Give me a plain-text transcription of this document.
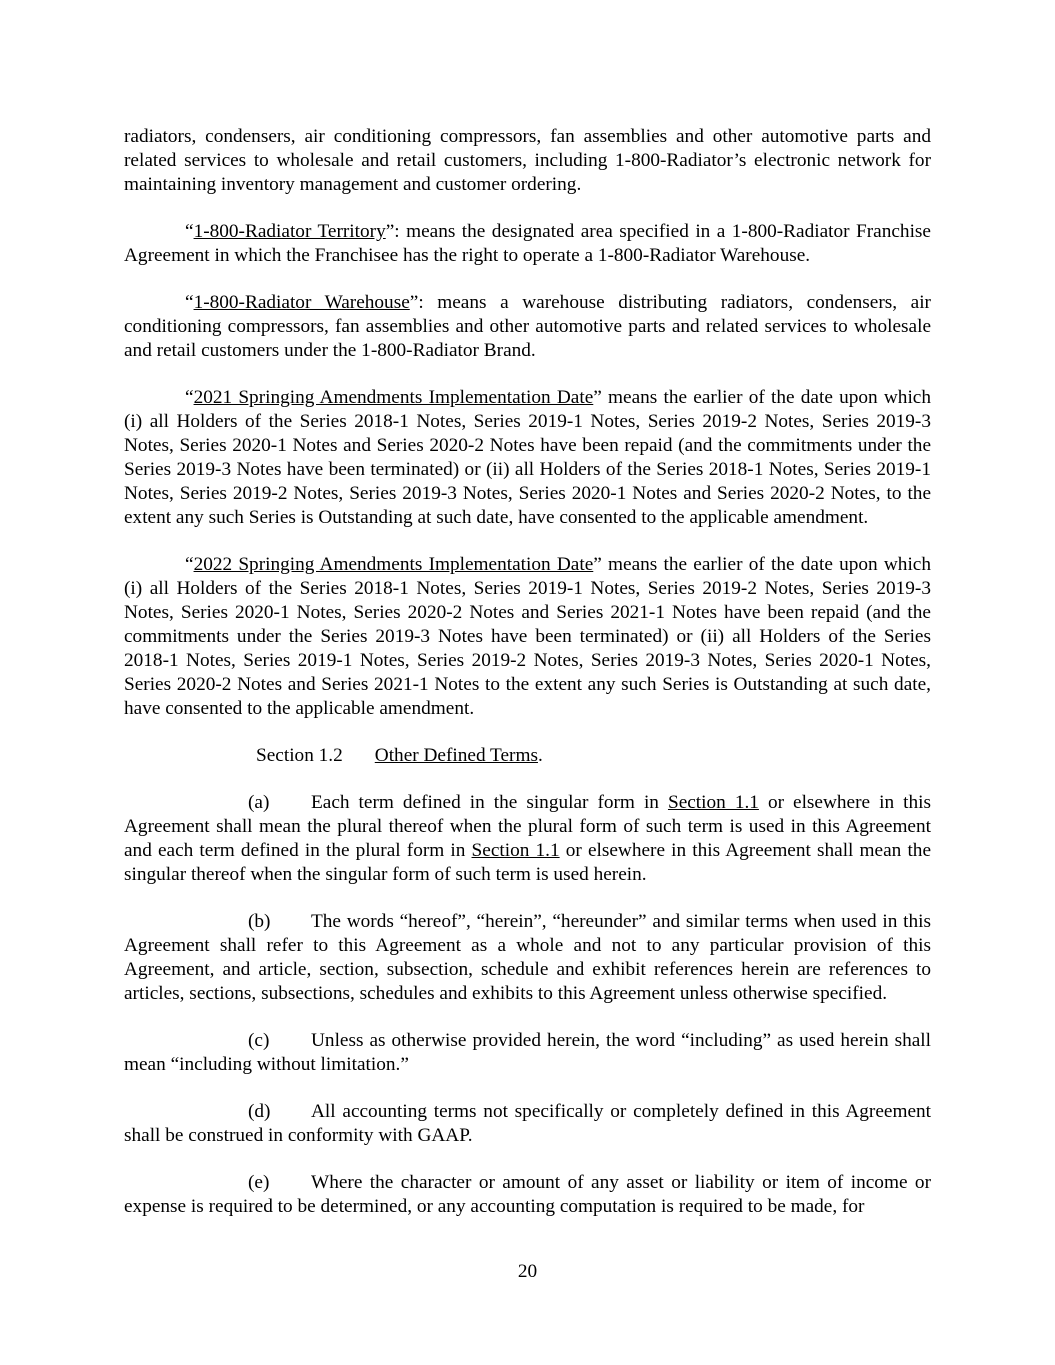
radiators, condensers, air conditioning compressors, fan assemblies and other automotive parts and related services to wholesale and retail customers, including 1-800-Radiator’s electronic network for maintaining inventory management and customer ordering.

“1-800-Radiator Territory”: means the designated area specified in a 1-800-Radiator Franchise Agreement in which the Franchisee has the right to operate a 1-800-Radiator Warehouse.

“1-800-Radiator Warehouse”: means a warehouse distributing radiators, condensers, air conditioning compressors, fan assemblies and other automotive parts and related services to wholesale and retail customers under the 1-800-Radiator Brand.

“2021 Springing Amendments Implementation Date” means the earlier of the date upon which (i) all Holders of the Series 2018-1 Notes, Series 2019-1 Notes, Series 2019-2 Notes, Series 2019-3 Notes, Series 2020-1 Notes and Series 2020-2 Notes have been repaid (and the commitments under the Series 2019-3 Notes have been terminated) or (ii) all Holders of the Series 2018-1 Notes, Series 2019-1 Notes, Series 2019-2 Notes, Series 2019-3 Notes, Series 2020-1 Notes and Series 2020-2 Notes, to the extent any such Series is Outstanding at such date, have consented to the applicable amendment.

“2022 Springing Amendments Implementation Date” means the earlier of the date upon which (i) all Holders of the Series 2018-1 Notes, Series 2019-1 Notes, Series 2019-2 Notes, Series 2019-3 Notes, Series 2020-1 Notes, Series 2020-2 Notes and Series 2021-1 Notes have been repaid (and the commitments under the Series 2019-3 Notes have been terminated) or (ii) all Holders of the Series 2018-1 Notes, Series 2019-1 Notes, Series 2019-2 Notes, Series 2019-3 Notes, Series 2020-1 Notes, Series 2020-2 Notes and Series 2021-1 Notes to the extent any such Series is Outstanding at such date, have consented to the applicable amendment.

Section 1.2 Other Defined Terms.

(a) Each term defined in the singular form in Section 1.1 or elsewhere in this Agreement shall mean the plural thereof when the plural form of such term is used in this Agreement and each term defined in the plural form in Section 1.1 or elsewhere in this Agreement shall mean the singular thereof when the singular form of such term is used herein.

(b) The words “hereof”, “herein”, “hereunder” and similar terms when used in this Agreement shall refer to this Agreement as a whole and not to any particular provision of this Agreement, and article, section, subsection, schedule and exhibit references herein are references to articles, sections, subsections, schedules and exhibits to this Agreement unless otherwise specified.

(c) Unless as otherwise provided herein, the word “including” as used herein shall mean “including without limitation.”

(d) All accounting terms not specifically or completely defined in this Agreement shall be construed in conformity with GAAP.

(e) Where the character or amount of any asset or liability or item of income or expense is required to be determined, or any accounting computation is required to be made, for

20
